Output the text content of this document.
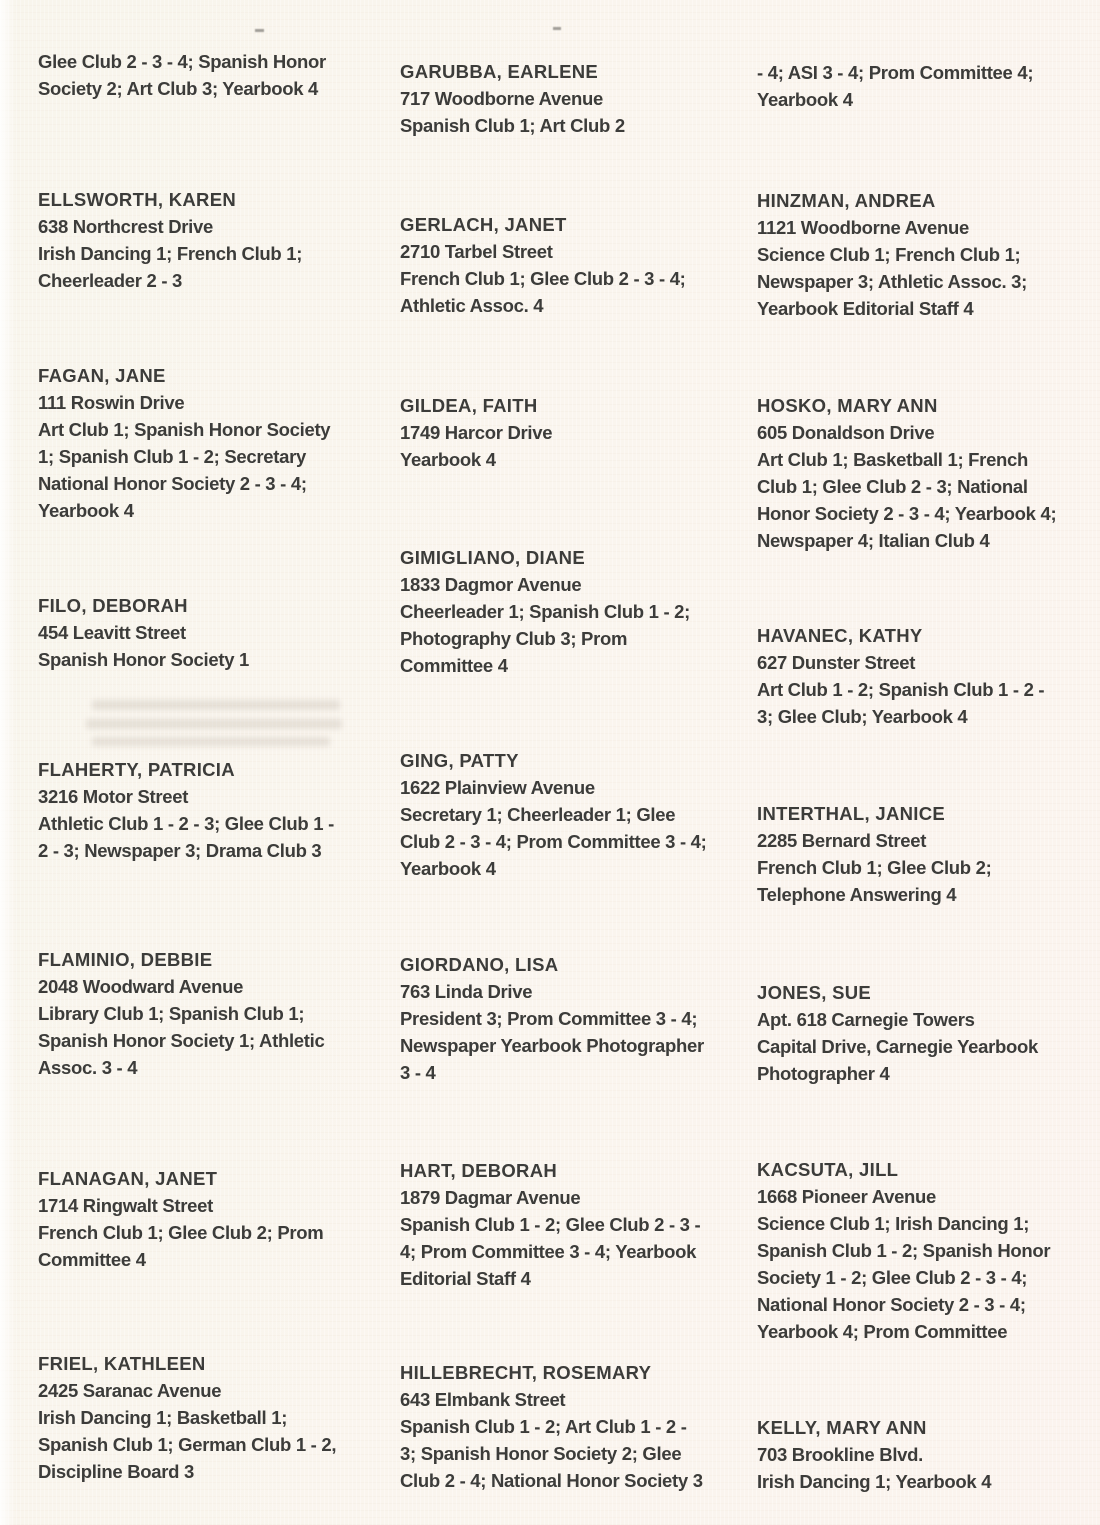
Glee Club 2 - 3 - 4; Spanish Honor
Society 2; Art Club 3; Yearbook 4
ELLSWORTH, KAREN
638 Northcrest Drive
Irish Dancing 1; French Club 1;
Cheerleader 2 - 3
FAGAN, JANE
111 Roswin Drive
Art Club 1; Spanish Honor Society
1; Spanish Club 1 - 2; Secretary
National Honor Society 2 - 3 - 4;
Yearbook 4
FILO, DEBORAH
454 Leavitt Street
Spanish Honor Society 1
FLAHERTY, PATRICIA
3216 Motor Street
Athletic Club 1 - 2 - 3; Glee Club 1 -
2 - 3; Newspaper 3; Drama Club 3
FLAMINIO, DEBBIE
2048 Woodward Avenue
Library Club 1; Spanish Club 1;
Spanish Honor Society 1; Athletic
Assoc. 3 - 4
FLANAGAN, JANET
1714 Ringwalt Street
French Club 1; Glee Club 2; Prom
Committee 4
FRIEL, KATHLEEN
2425 Saranac Avenue
Irish Dancing 1; Basketball 1;
Spanish Club 1; German Club 1 - 2,
Discipline Board 3
GARUBBA, EARLENE
717 Woodborne Avenue
Spanish Club 1; Art Club 2
GERLACH, JANET
2710 Tarbel Street
French Club 1; Glee Club 2 - 3 - 4;
Athletic Assoc. 4
GILDEA, FAITH
1749 Harcor Drive
Yearbook 4
GIMIGLIANO, DIANE
1833 Dagmor Avenue
Cheerleader 1; Spanish Club 1 - 2;
Photography Club 3; Prom
Committee 4
GING, PATTY
1622 Plainview Avenue
Secretary 1; Cheerleader 1; Glee
Club 2 - 3 - 4; Prom Committee 3 - 4;
Yearbook 4
GIORDANO, LISA
763 Linda Drive
President 3; Prom Committee 3 - 4;
Newspaper Yearbook Photographer
3 - 4
HART, DEBORAH
1879 Dagmar Avenue
Spanish Club 1 - 2; Glee Club 2 - 3 -
4; Prom Committee 3 - 4; Yearbook
Editorial Staff 4
HILLEBRECHT, ROSEMARY
643 Elmbank Street
Spanish Club 1 - 2; Art Club 1 - 2 -
3; Spanish Honor Society 2; Glee
Club 2 - 4; National Honor Society 3
- 4; ASI 3 - 4; Prom Committee 4;
Yearbook 4
HINZMAN, ANDREA
1121 Woodborne Avenue
Science Club 1; French Club 1;
Newspaper 3; Athletic Assoc. 3;
Yearbook Editorial Staff 4
HOSKO, MARY ANN
605 Donaldson Drive
Art Club 1; Basketball 1; French
Club 1; Glee Club 2 - 3; National
Honor Society 2 - 3 - 4; Yearbook 4;
Newspaper 4; Italian Club 4
HAVANEC, KATHY
627 Dunster Street
Art Club 1 - 2; Spanish Club 1 - 2 -
3; Glee Club; Yearbook 4
INTERTHAL, JANICE
2285 Bernard Street
French Club 1; Glee Club 2;
Telephone Answering 4
JONES, SUE
Apt. 618 Carnegie Towers
Capital Drive, Carnegie Yearbook
Photographer 4
KACSUTA, JILL
1668 Pioneer Avenue
Science Club 1; Irish Dancing 1;
Spanish Club 1 - 2; Spanish Honor
Society 1 - 2; Glee Club 2 - 3 - 4;
National Honor Society 2 - 3 - 4;
Yearbook 4; Prom Committee
KELLY, MARY ANN
703 Brookline Blvd.
Irish Dancing 1; Yearbook 4
